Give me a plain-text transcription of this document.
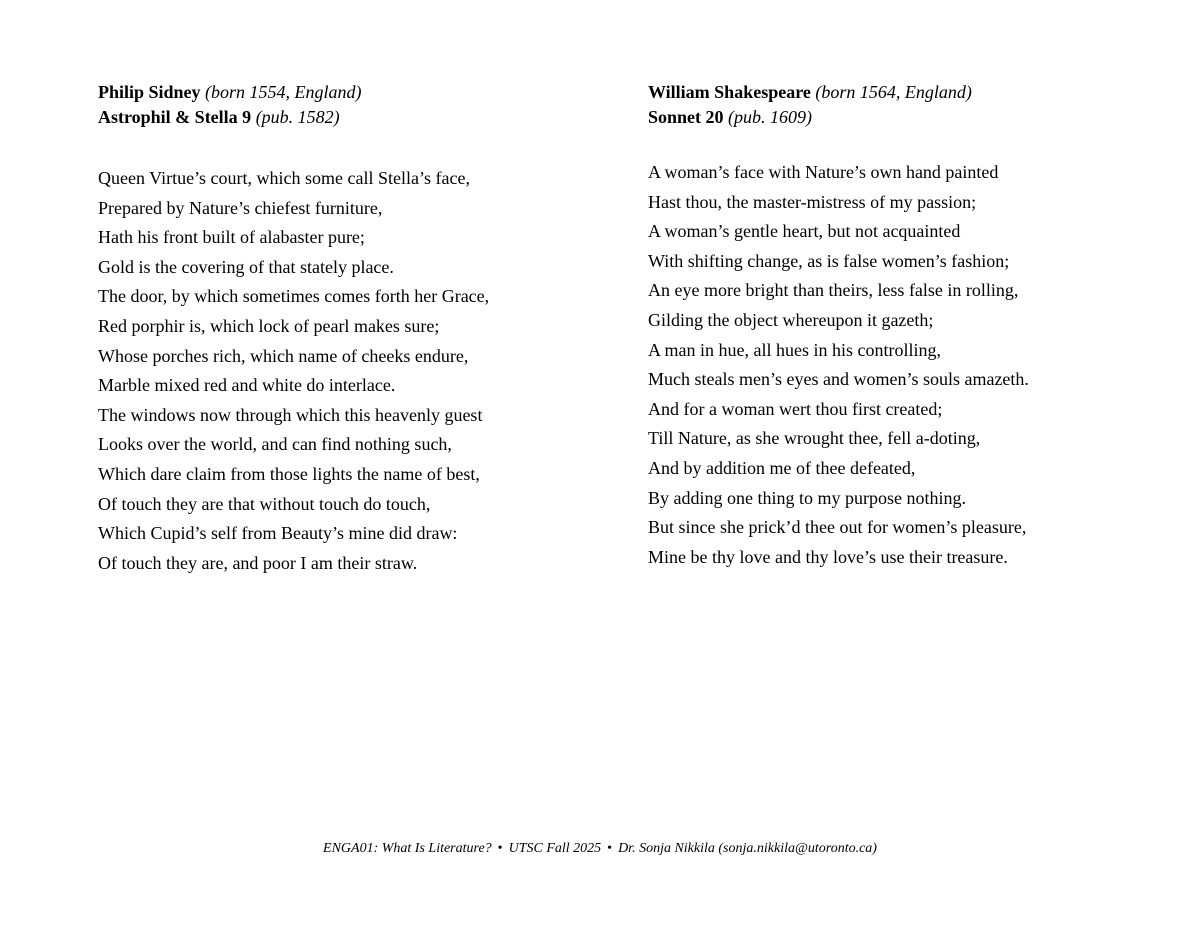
Philip Sidney (born 1554, England)
Astrophil & Stella 9 (pub. 1582)
Queen Virtue’s court, which some call Stella’s face,
Prepared by Nature’s chiefest furniture,
Hath his front built of alabaster pure;
Gold is the covering of that stately place.
The door, by which sometimes comes forth her Grace,
Red porphir is, which lock of pearl makes sure;
Whose porches rich, which name of cheeks endure,
Marble mixed red and white do interlace.
The windows now through which this heavenly guest
Looks over the world, and can find nothing such,
Which dare claim from those lights the name of best,
Of touch they are that without touch do touch,
Which Cupid’s self from Beauty’s mine did draw:
Of touch they are, and poor I am their straw.
William Shakespeare (born 1564, England)
Sonnet 20 (pub. 1609)
A woman’s face with Nature’s own hand painted
Hast thou, the master-mistress of my passion;
A woman’s gentle heart, but not acquainted
With shifting change, as is false women’s fashion;
An eye more bright than theirs, less false in rolling,
Gilding the object whereupon it gazeth;
A man in hue, all hues in his controlling,
Much steals men’s eyes and women’s souls amazeth.
And for a woman wert thou first created;
Till Nature, as she wrought thee, fell a-doting,
And by addition me of thee defeated,
By adding one thing to my purpose nothing.
But since she prick’d thee out for women’s pleasure,
Mine be thy love and thy love’s use their treasure.
ENGA01: What Is Literature? • UTSC Fall 2025 • Dr. Sonja Nikkila (sonja.nikkila@utoronto.ca)
